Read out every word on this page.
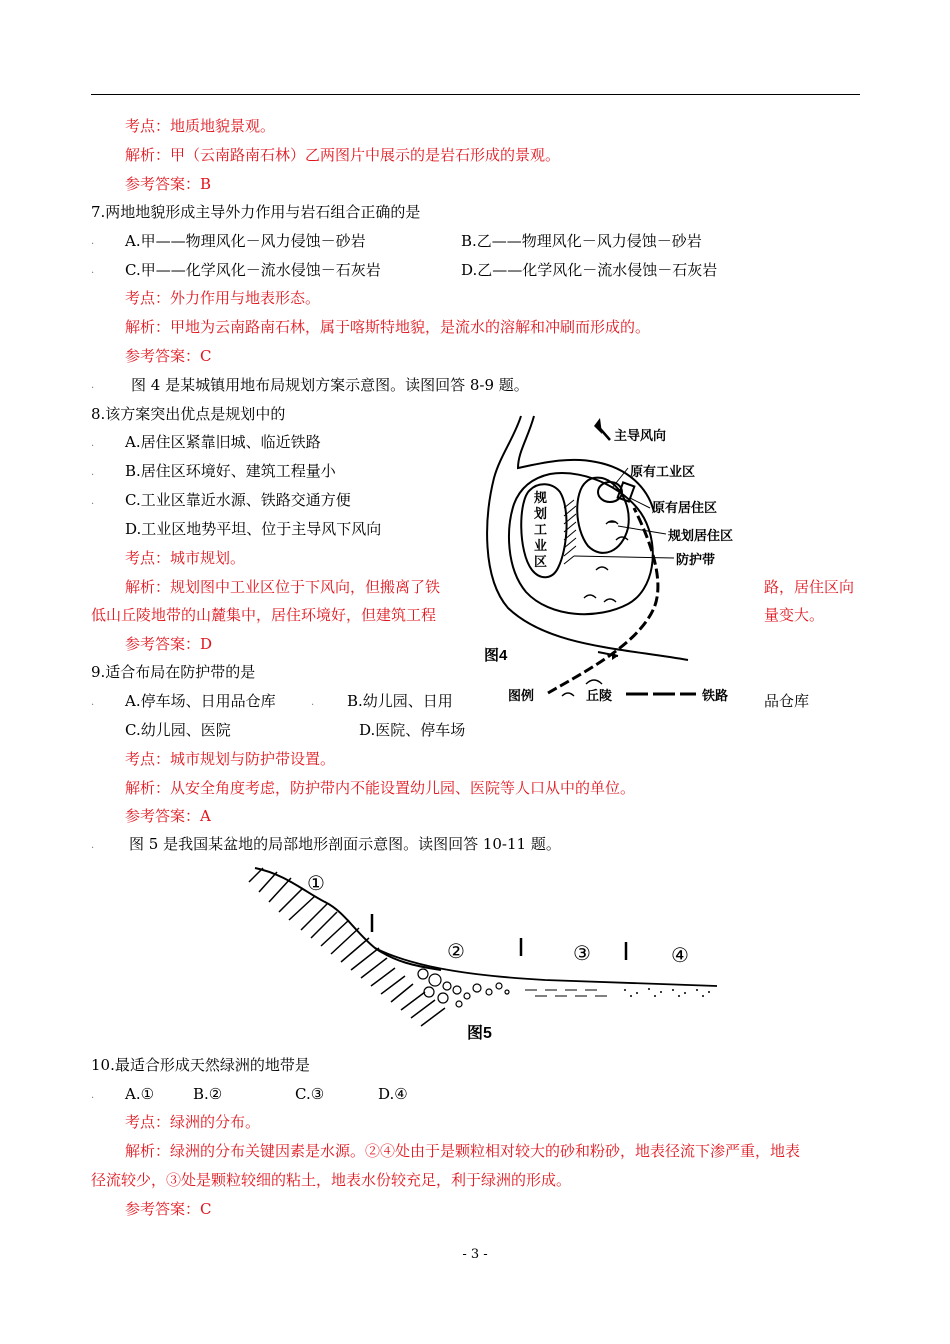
考点：地质地貌景观。
解析：甲（云南路南石林）乙两图片中展示的是岩石形成的景观。
参考答案：B
7.两地地貌形成主导外力作用与岩石组合正确的是
. A.甲——物理风化－风力侵蚀－砂岩	B.乙——物理风化－风力侵蚀－砂岩
. C.甲——化学风化－流水侵蚀－石灰岩	D.乙——化学风化－流水侵蚀－石灰岩
考点：外力作用与地表形态。
解析：甲地为云南路南石林，属于喀斯特地貌，是流水的溶解和冲刷而形成的。
参考答案：C
. 图 4 是某城镇用地布局规划方案示意图。读图回答 8-9 题。
8.该方案突出优点是规划中的
. A.居住区紧靠旧城、临近铁路
. B.居住区环境好、建筑工程量小
. C.工业区靠近水源、铁路交通方便
D.工业区地势平坦、位于主导风下风向
考点：城市规划。
解析：规划图中工业区位于下风向，但搬离了铁	路，居住区向
低山丘陵地带的山麓集中，居住环境好，但建筑工程	量变大。
参考答案：D
9.适合布局在防护带的是
. A.停车场、日用品仓库	. B.幼儿园、日用	品仓库
C.幼儿园、医院	D.医院、停车场
考点：城市规划与防护带设置。
解析：从安全角度考虑，防护带内不能设置幼儿园、医院等人口从中的单位。
参考答案：A
主导风向
原有工业区
原有居住区
规划居住区
防护带
规
划
工
业
区
图4
图例	丘陵	铁路
. 图 5 是我国某盆地的局部地形剖面示意图。读图回答 10-11 题。
①
②	③	④
图5
10.最适合形成天然绿洲的地带是
. A.①	B.②	C.③	D.④
考点：绿洲的分布。
解析：绿洲的分布关键因素是水源。②④处由于是颗粒相对较大的砂和粉砂，地表径流下渗严重，地表
径流较少，③处是颗粒较细的粘土，地表水份较充足，利于绿洲的形成。
参考答案：C
- 3 -
